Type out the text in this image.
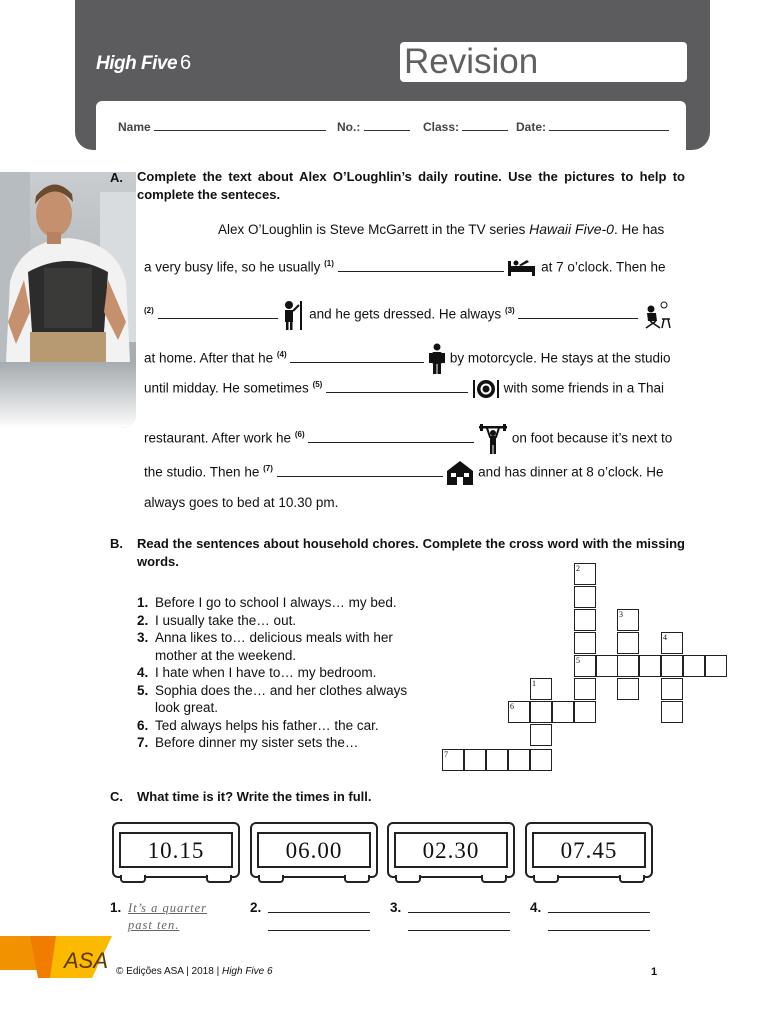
High Five 6	Revision
Name	No.:	Class:	Date:
A. Complete the text about Alex O’Loughlin’s daily routine. Use the pictures to help to complete the senteces.
Alex O’Loughlin is Steve McGarrett in the TV series Hawaii Five-0. He has
a very busy life, so he usually $^{(1)}$	at 7 o’clock. Then he
$^{(2)}$	and he gets dressed. He always $^{(3)}$
at home. After that he $^{(4)}$	by motorcycle. He stays at the studio
until midday. He sometimes $^{(5)}$	with some friends in a Thai
restaurant. After work he $^{(6)}$	on foot because it’s next to
the studio. Then he $^{(7)}$	and has dinner at 8 o’clock. He
always goes to bed at 10.30 pm.
B. Read the sentences about household chores. Complete the cross word with the missing words.
1. Before I go to school I always… my bed.
2. I usually take the… out.
3. Anna likes to… delicious meals with her
mother at the weekend.
4. I hate when I have to… my bedroom.
5. Sophia does the… and her clothes always
look great.
6. Ted always helps his father… the car.
7. Before dinner my sister sets the…
2
5
3
4
1
6
7
C. What time is it? Write the times in full.
10.15	06.00	02.30	07.45
1. It’s a quarter
past ten.
2.	3.	4.
ASA © Edições ASA | 2018 | High Five 6	1
